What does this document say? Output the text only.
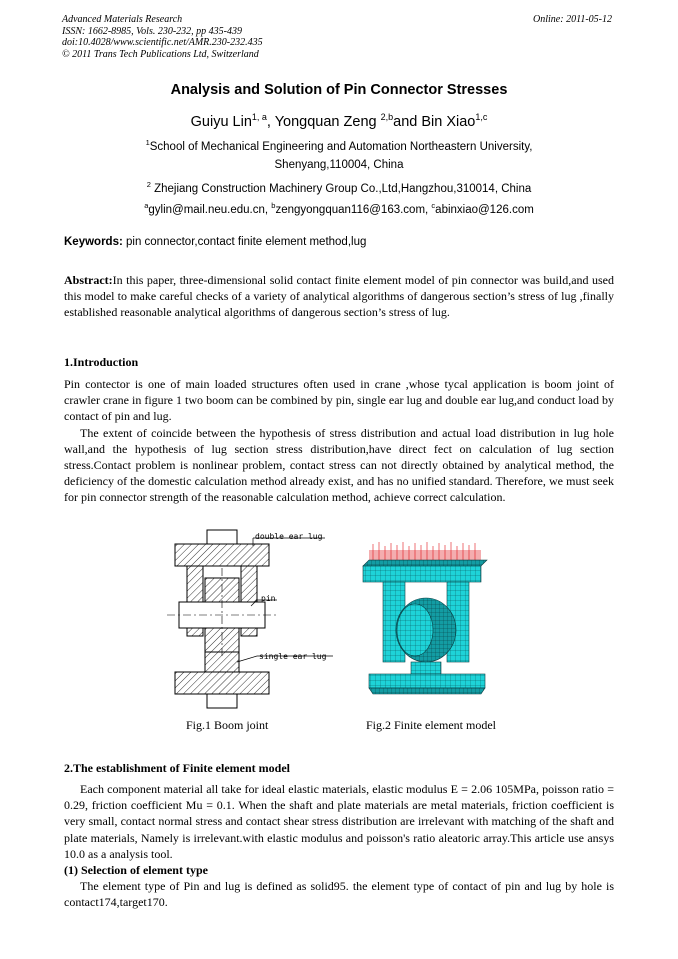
Advanced Materials Research
ISSN: 1662-8985, Vols. 230-232, pp 435-439
doi:10.4028/www.scientific.net/AMR.230-232.435
© 2011 Trans Tech Publications Ltd, Switzerland
Online: 2011-05-12
Analysis and Solution of Pin Connector Stresses
Guiyu Lin$^{1, a}$, Yongquan Zeng $^{2,b}$and Bin Xiao$^{1,c}$
$^1$School of Mechanical Engineering and Automation Northeastern University,
Shenyang,110004, China
$^2$ Zhejiang Construction Machinery Group Co.,Ltd,Hangzhou,310014, China
$^a$gylin@mail.neu.edu.cn, $^b$zengyongquan116@163.com, $^c$abinxiao@126.com
Keywords: pin connector,contact finite element method,lug

Abstract:In this paper, three-dimensional solid contact finite element model of pin connector was build,and used this model to make careful checks of a variety of analytical algorithms of dangerous section’s stress of lug ,finally established reasonable analytical algorithms of dangerous section’s stress of lug.

1.Introduction

Pin contector is one of main loaded structures often used in crane ,whose tycal application is boom joint of crawler crane in figure 1 two boom can be combined by pin, single ear lug and double ear lug,and conduct load by contact of pin and lug.

The extent of coincide between the hypothesis of stress distribution and actual load distribution in lug hole wall,and the hypothesis of lug section stress distribution,have direct fect on calculation of lug section stress.Contact problem is nonlinear problem, contact stress can not directly obtained by analytical method, the deficiency of the domestic calculation method already exist, and has no unified standard. Therefore, we must seek for pin connector strength of the reasonable calculation method, achieve correct calculation.

double ear lug
pin
single ear lug
Fig.1 Boom joint	Fig.2 Finite element model
2.The establishment of Finite element model

Each component material all take for ideal elastic materials, elastic modulus E = 2.06 105MPa, poisson ratio = 0.29, friction coefficient Mu = 0.1. When the shaft and plate materials are metal materials, friction coefficient is very small, contact normal stress and contact shear stress distribution are irrelevant with matching of the shaft and plate materials, Namely is irrelevant.with elastic modulus and poisson's ratio aleatoric array.This article use ansys 10.0 as a analysis tool.

(1) Selection of element type

The element type of Pin and lug is defined as solid95. the element type of contact of pin and lug by hole is contact174,target170.
